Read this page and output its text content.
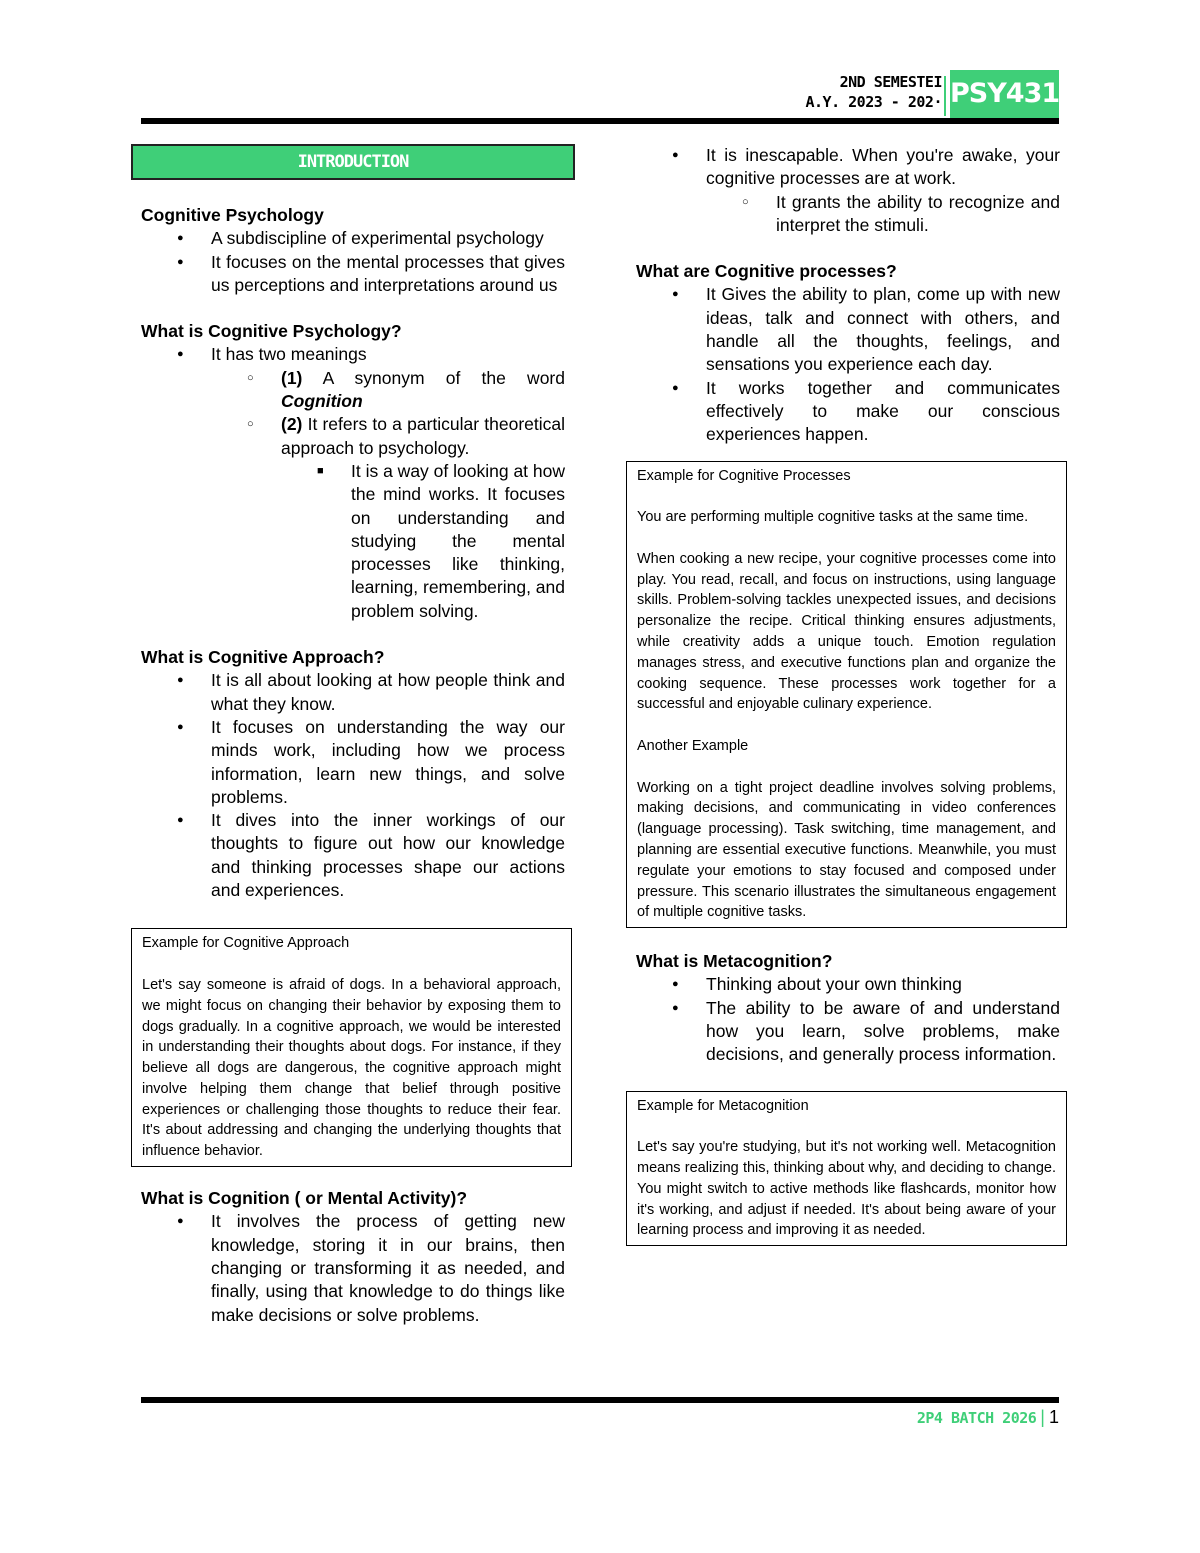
2ND SEMESTEI
A.Y. 2023 - 202· PSY4313
INTRODUCTION
Cognitive Psychology
● A subdiscipline of experimental psychology
● It focuses on the mental processes that gives us perceptions and interpretations around us
What is Cognitive Psychology?
● It has two meanings
○ (1) A synonym of the word Cognition
○ (2) It refers to a particular theoretical approach to psychology.
■ It is a way of looking at how the mind works. It focuses on understanding and studying the mental processes like thinking, learning, remembering, and problem solving.
What is Cognitive Approach?
● It is all about looking at how people think and what they know.
● It focuses on understanding the way our minds work, including how we process information, learn new things, and solve problems.
● It dives into the inner workings of our thoughts to figure out how our knowledge and thinking processes shape our actions and experiences.

Example for Cognitive Approach

Let's say someone is afraid of dogs. In a behavioral approach, we might focus on changing their behavior by exposing them to dogs gradually. In a cognitive approach, we would be interested in understanding their thoughts about dogs. For instance, if they believe all dogs are dangerous, the cognitive approach might involve helping them change that belief through positive experiences or challenging those thoughts to reduce their fear. It's about addressing and changing the underlying thoughts that influence behavior.

What is Cognition ( or Mental Activity)?
● It involves the process of getting new knowledge, storing it in our brains, then changing or transforming it as needed, and finally, using that knowledge to do things like make decisions or solve problems.
● It is inescapable. When you're awake, your cognitive processes are at work.
○ It grants the ability to recognize and interpret the stimuli.
What are Cognitive processes?
● It Gives the ability to plan, come up with new ideas, talk and connect with others, and handle all the thoughts, feelings, and sensations you experience each day.
● It works together and communicates effectively to make our conscious experiences happen.

Example for Cognitive Processes

You are performing multiple cognitive tasks at the same time.

When cooking a new recipe, your cognitive processes come into play. You read, recall, and focus on instructions, using language skills. Problem-solving tackles unexpected issues, and decisions personalize the recipe. Critical thinking ensures adjustments, while creativity adds a unique touch. Emotion regulation manages stress, and executive functions plan and organize the cooking sequence. These processes work together for a successful and enjoyable culinary experience.

Another Example

Working on a tight project deadline involves solving problems, making decisions, and communicating in video conferences (language processing). Task switching, time management, and planning are essential executive functions. Meanwhile, you must regulate your emotions to stay focused and composed under pressure. This scenario illustrates the simultaneous engagement of multiple cognitive tasks.

What is Metacognition?
● Thinking about your own thinking
● The ability to be aware of and understand how you learn, solve problems, make decisions, and generally process information.

Example for Metacognition

Let's say you're studying, but it's not working well. Metacognition means realizing this, thinking about why, and deciding to change. You might switch to active methods like flashcards, monitor how it's working, and adjust if needed. It's about being aware of your learning process and improving it as needed.

2P4 BATCH 2026 | 1
